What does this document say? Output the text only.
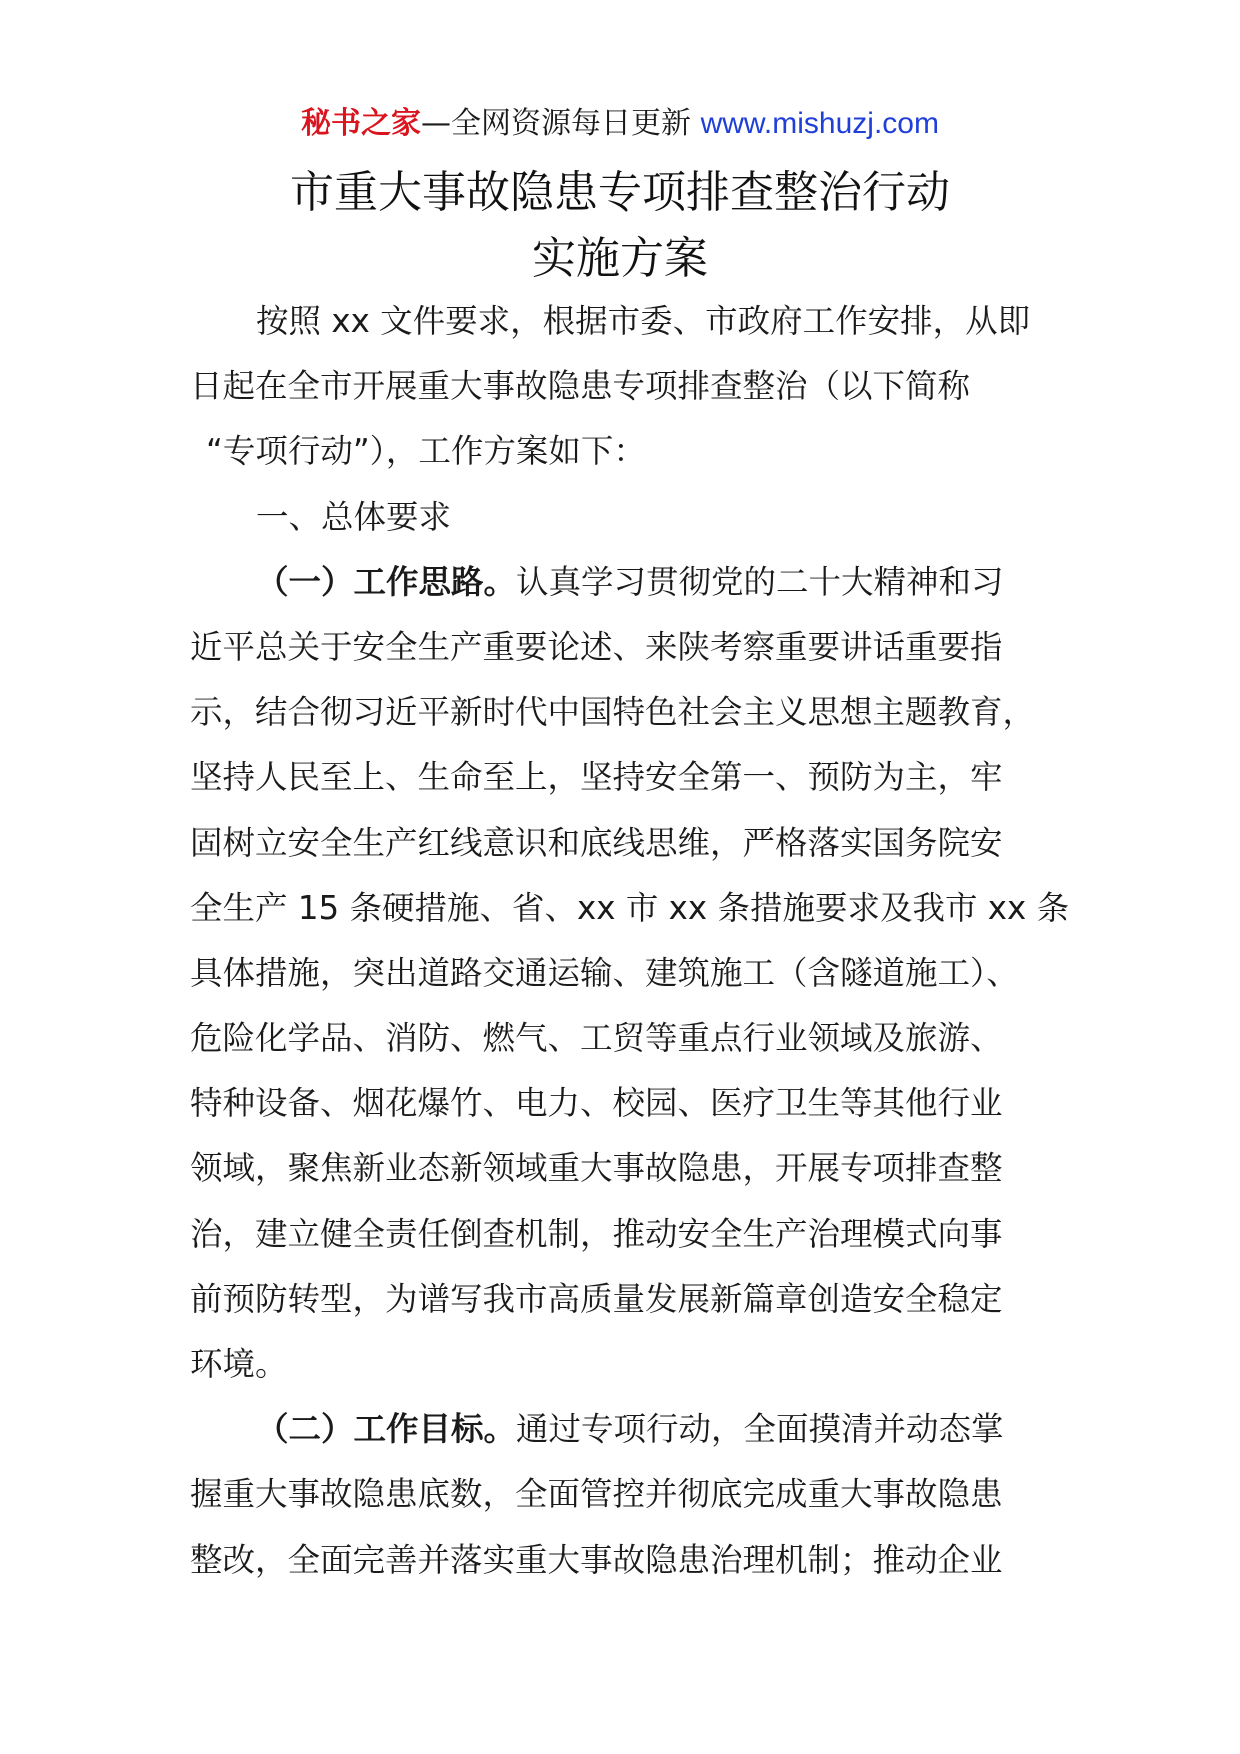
秘书之家—全网资源每日更新 www.mishuzj.com
市重大事故隐患专项排查整治行动
实施方案
按照 xx 文件要求，根据市委、市政府工作安排，从即
日起在全市开展重大事故隐患专项排查整治（以下简称
“专项行动”），工作方案如下：
一、总体要求
（一）工作思路。认真学习贯彻党的二十大精神和习
近平总关于安全生产重要论述、来陕考察重要讲话重要指
示，结合彻习近平新时代中国特色社会主义思想主题教育，
坚持人民至上、生命至上，坚持安全第一、预防为主，牢
固树立安全生产红线意识和底线思维，严格落实国务院安
全生产 15 条硬措施、省、xx 市 xx 条措施要求及我市 xx 条
具体措施，突出道路交通运输、建筑施工（含隧道施工）、
危险化学品、消防、燃气、工贸等重点行业领域及旅游、
特种设备、烟花爆竹、电力、校园、医疗卫生等其他行业
领域，聚焦新业态新领域重大事故隐患，开展专项排查整
治，建立健全责任倒查机制，推动安全生产治理模式向事
前预防转型，为谱写我市高质量发展新篇章创造安全稳定
环境。
（二）工作目标。通过专项行动，全面摸清并动态掌
握重大事故隐患底数，全面管控并彻底完成重大事故隐患
整改，全面完善并落实重大事故隐患治理机制；推动企业
